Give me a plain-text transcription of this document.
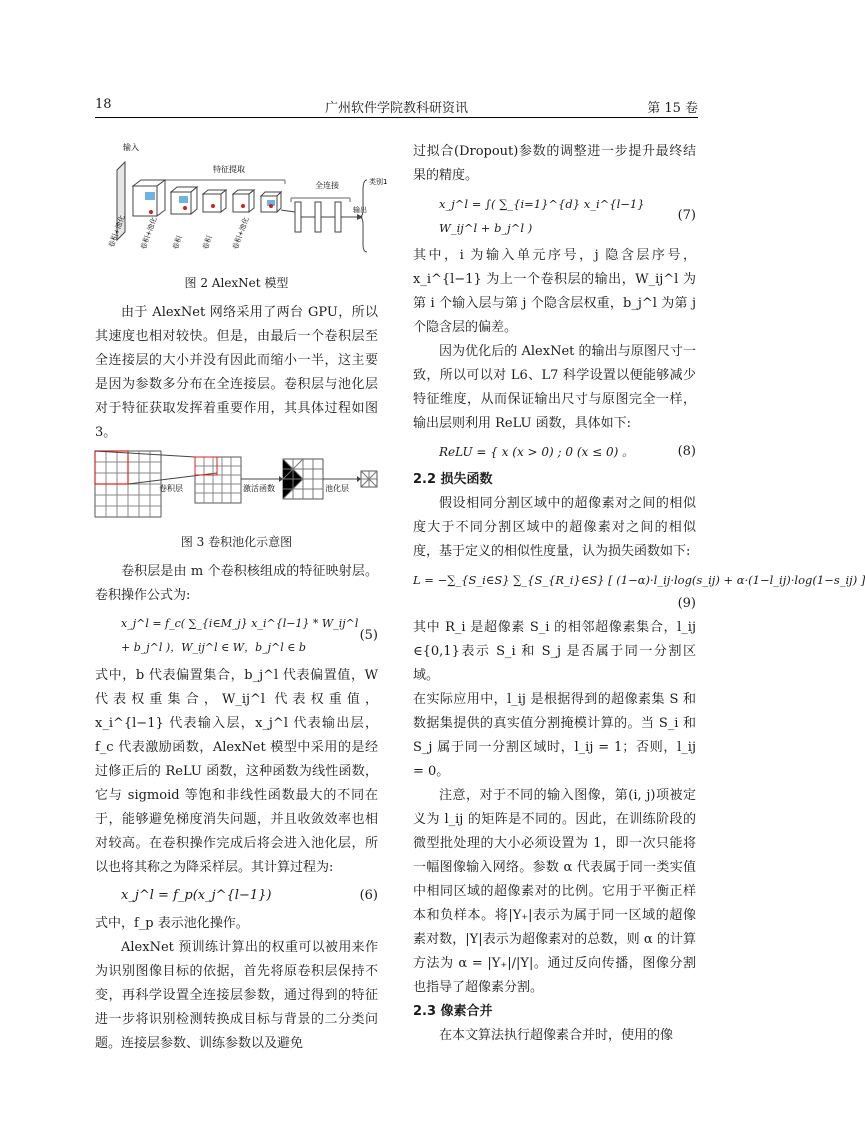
18	广州软件学院教科研资讯	第 15 卷
输入
特征提取
全连接
输出
类别1
卷积+池化 卷积+池化 卷积	卷积	卷积+池化
图 2 AlexNet 模型

由于 AlexNet 网络采用了两台 GPU，所以其速度也相对较快。但是，由最后一个卷积层至全连接层的大小并没有因此而缩小一半，这主要是因为参数多分布在全连接层。卷积层与池化层对于特征获取发挥着重要作用，其具体过程如图 3。

卷积层	激活函数	池化层
图 3 卷积池化示意图

卷积层是由 m 个卷积核组成的特征映射层。卷积操作公式为:

x_j^l = f_c( ∑_{i∈M_j} x_i^{l−1} * W_ij^l + b_j^l )，W_ij^l ∈ W，b_j^l ∈ b
(5)

式中，b 代表偏置集合，b_j^l 代表偏置值，W 代表权重集合，W_ij^l 代表权重值，x_i^{l−1} 代表输入层，x_j^l 代表输出层，f_c 代表激励函数，AlexNet 模型中采用的是经过修正后的 ReLU 函数，这种函数为线性函数，它与 sigmoid 等饱和非线性函数最大的不同在于，能够避免梯度消失问题，并且收敛效率也相对较高。在卷积操作完成后将会进入池化层，所以也将其称之为降采样层。其计算过程为:

x_j^l = f_p(x_j^{l−1})	(6)

式中，f_p 表示池化操作。

AlexNet 预训练计算出的权重可以被用来作为识别图像目标的依据，首先将原卷积层保持不变，再科学设置全连接层参数，通过得到的特征进一步将识别检测转换成目标与背景的二分类问题。连接层参数、训练参数以及避免

过拟合(Dropout)参数的调整进一步提升最终结果的精度。

x_j^l = ∫( ∑_{i=1}^{d} x_i^{l−1} W_ij^l + b_j^l )
(7)

其中，i 为输入单元序号，j 隐含层序号，x_i^{l−1} 为上一个卷积层的输出，W_ij^l 为第 i 个输入层与第 j 个隐含层权重，b_j^l 为第 j 个隐含层的偏差。

因为优化后的 AlexNet 的输出与原图尺寸一致，所以可以对 L6、L7 科学设置以便能够减少特征维度，从而保证输出尺寸与原图完全一样，输出层则利用 ReLU 函数，具体如下:

ReLU = { x (x > 0) ; 0 (x ≤ 0) 。	(8)
2.2 损失函数

假设相同分割区域中的超像素对之间的相似度大于不同分割区域中的超像素对之间的相似度，基于定义的相似性度量，认为损失函数如下:

L = −∑_{S_i∈S} ∑_{S_{R_i}∈S} [ (1−α)·l_ij·log(s_ij) + α·(1−l_ij)·log(1−s_ij) ]
(9)

其中 R_i 是超像素 S_i 的相邻超像素集合，l_ij ∈{0,1}表示 S_i 和 S_j 是否属于同一分割区域。

在实际应用中，l_ij 是根据得到的超像素集 S 和数据集提供的真实值分割掩模计算的。当 S_i 和 S_j 属于同一分割区域时，l_ij = 1；否则，l_ij = 0。

注意，对于不同的输入图像，第(i, j)项被定义为 l_ij 的矩阵是不同的。因此，在训练阶段的微型批处理的大小必须设置为 1，即一次只能将一幅图像输入网络。参数 α 代表属于同一类实值中相同区域的超像素对的比例。它用于平衡正样本和负样本。将|Y₊|表示为属于同一区域的超像素对数，|Y|表示为超像素对的总数，则 α 的计算方法为 α = |Y₊|/|Y|。通过反向传播，图像分割也指导了超像素分割。

2.3 像素合并

在本文算法执行超像素合并时，使用的像
